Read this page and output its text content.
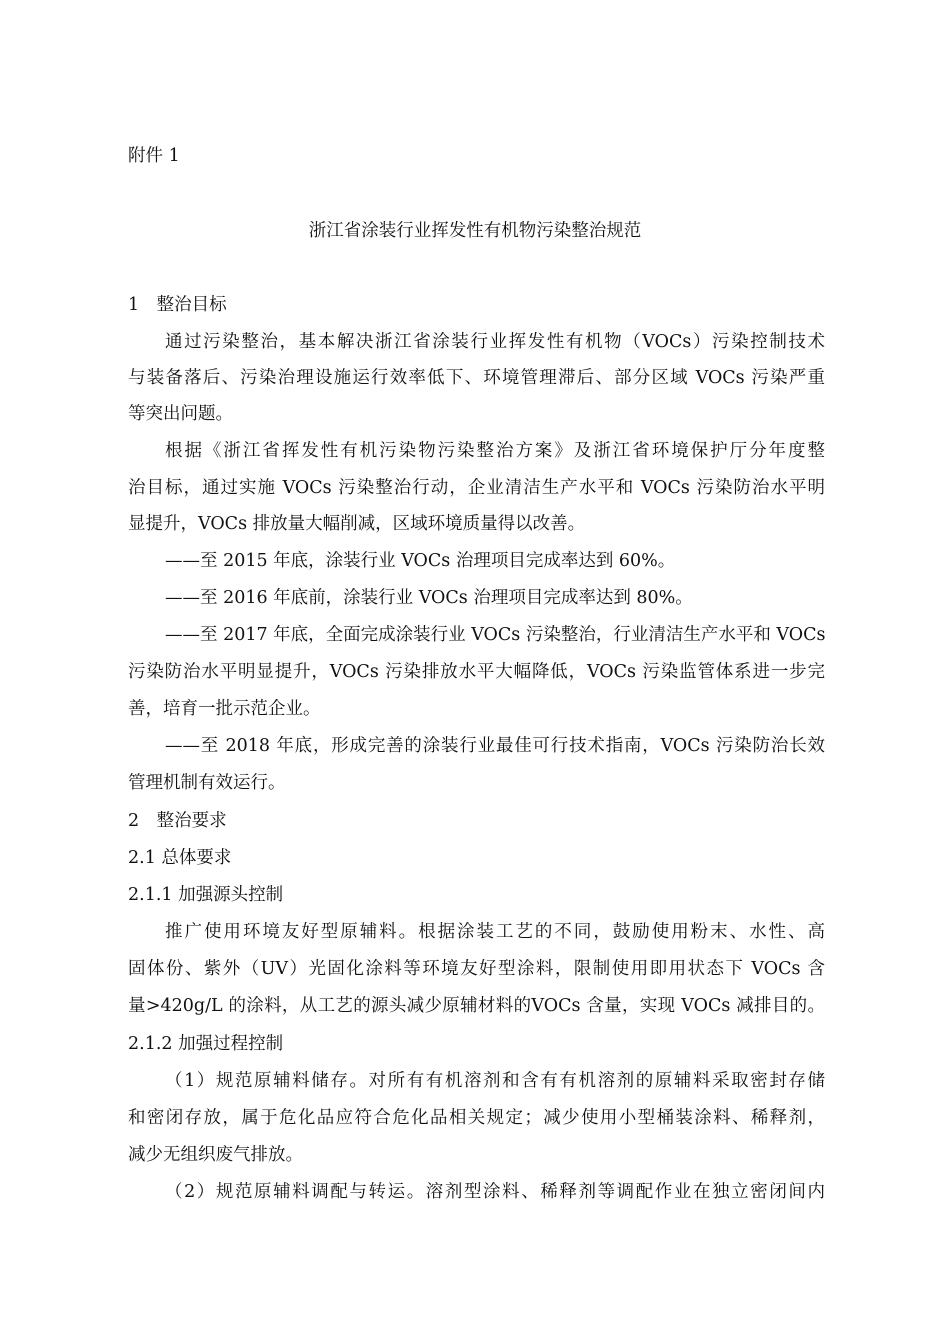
附件 1

浙江省涂装行业挥发性有机物污染整治规范

1　整治目标

通过污染整治，基本解决浙江省涂装行业挥发性有机物（VOCs）污染控制技术

与装备落后、污染治理设施运行效率低下、环境管理滞后、部分区域 VOCs 污染严重

等突出问题。

根据《浙江省挥发性有机污染物污染整治方案》及浙江省环境保护厅分年度整

治目标，通过实施 VOCs 污染整治行动，企业清洁生产水平和 VOCs 污染防治水平明

显提升，VOCs 排放量大幅削减，区域环境质量得以改善。

——至 2015 年底，涂装行业 VOCs 治理项目完成率达到 60%。

——至 2016 年底前，涂装行业 VOCs 治理项目完成率达到 80%。

——至 2017 年底，全面完成涂装行业 VOCs 污染整治，行业清洁生产水平和 VOCs

污染防治水平明显提升，VOCs 污染排放水平大幅降低，VOCs 污染监管体系进一步完

善，培育一批示范企业。

——至 2018 年底，形成完善的涂装行业最佳可行技术指南，VOCs 污染防治长效

管理机制有效运行。

2　整治要求

2.1 总体要求

2.1.1 加强源头控制

推广使用环境友好型原辅料。根据涂装工艺的不同，鼓励使用粉末、水性、高

固体份、紫外（UV）光固化涂料等环境友好型涂料，限制使用即用状态下 VOCs 含

量>420g/L 的涂料，从工艺的源头减少原辅材料的VOCs 含量，实现 VOCs 减排目的。

2.1.2 加强过程控制

（1）规范原辅料储存。对所有有机溶剂和含有有机溶剂的原辅料采取密封存储

和密闭存放，属于危化品应符合危化品相关规定；减少使用小型桶装涂料、稀释剂，

减少无组织废气排放。

（2）规范原辅料调配与转运。溶剂型涂料、稀释剂等调配作业在独立密闭间内
